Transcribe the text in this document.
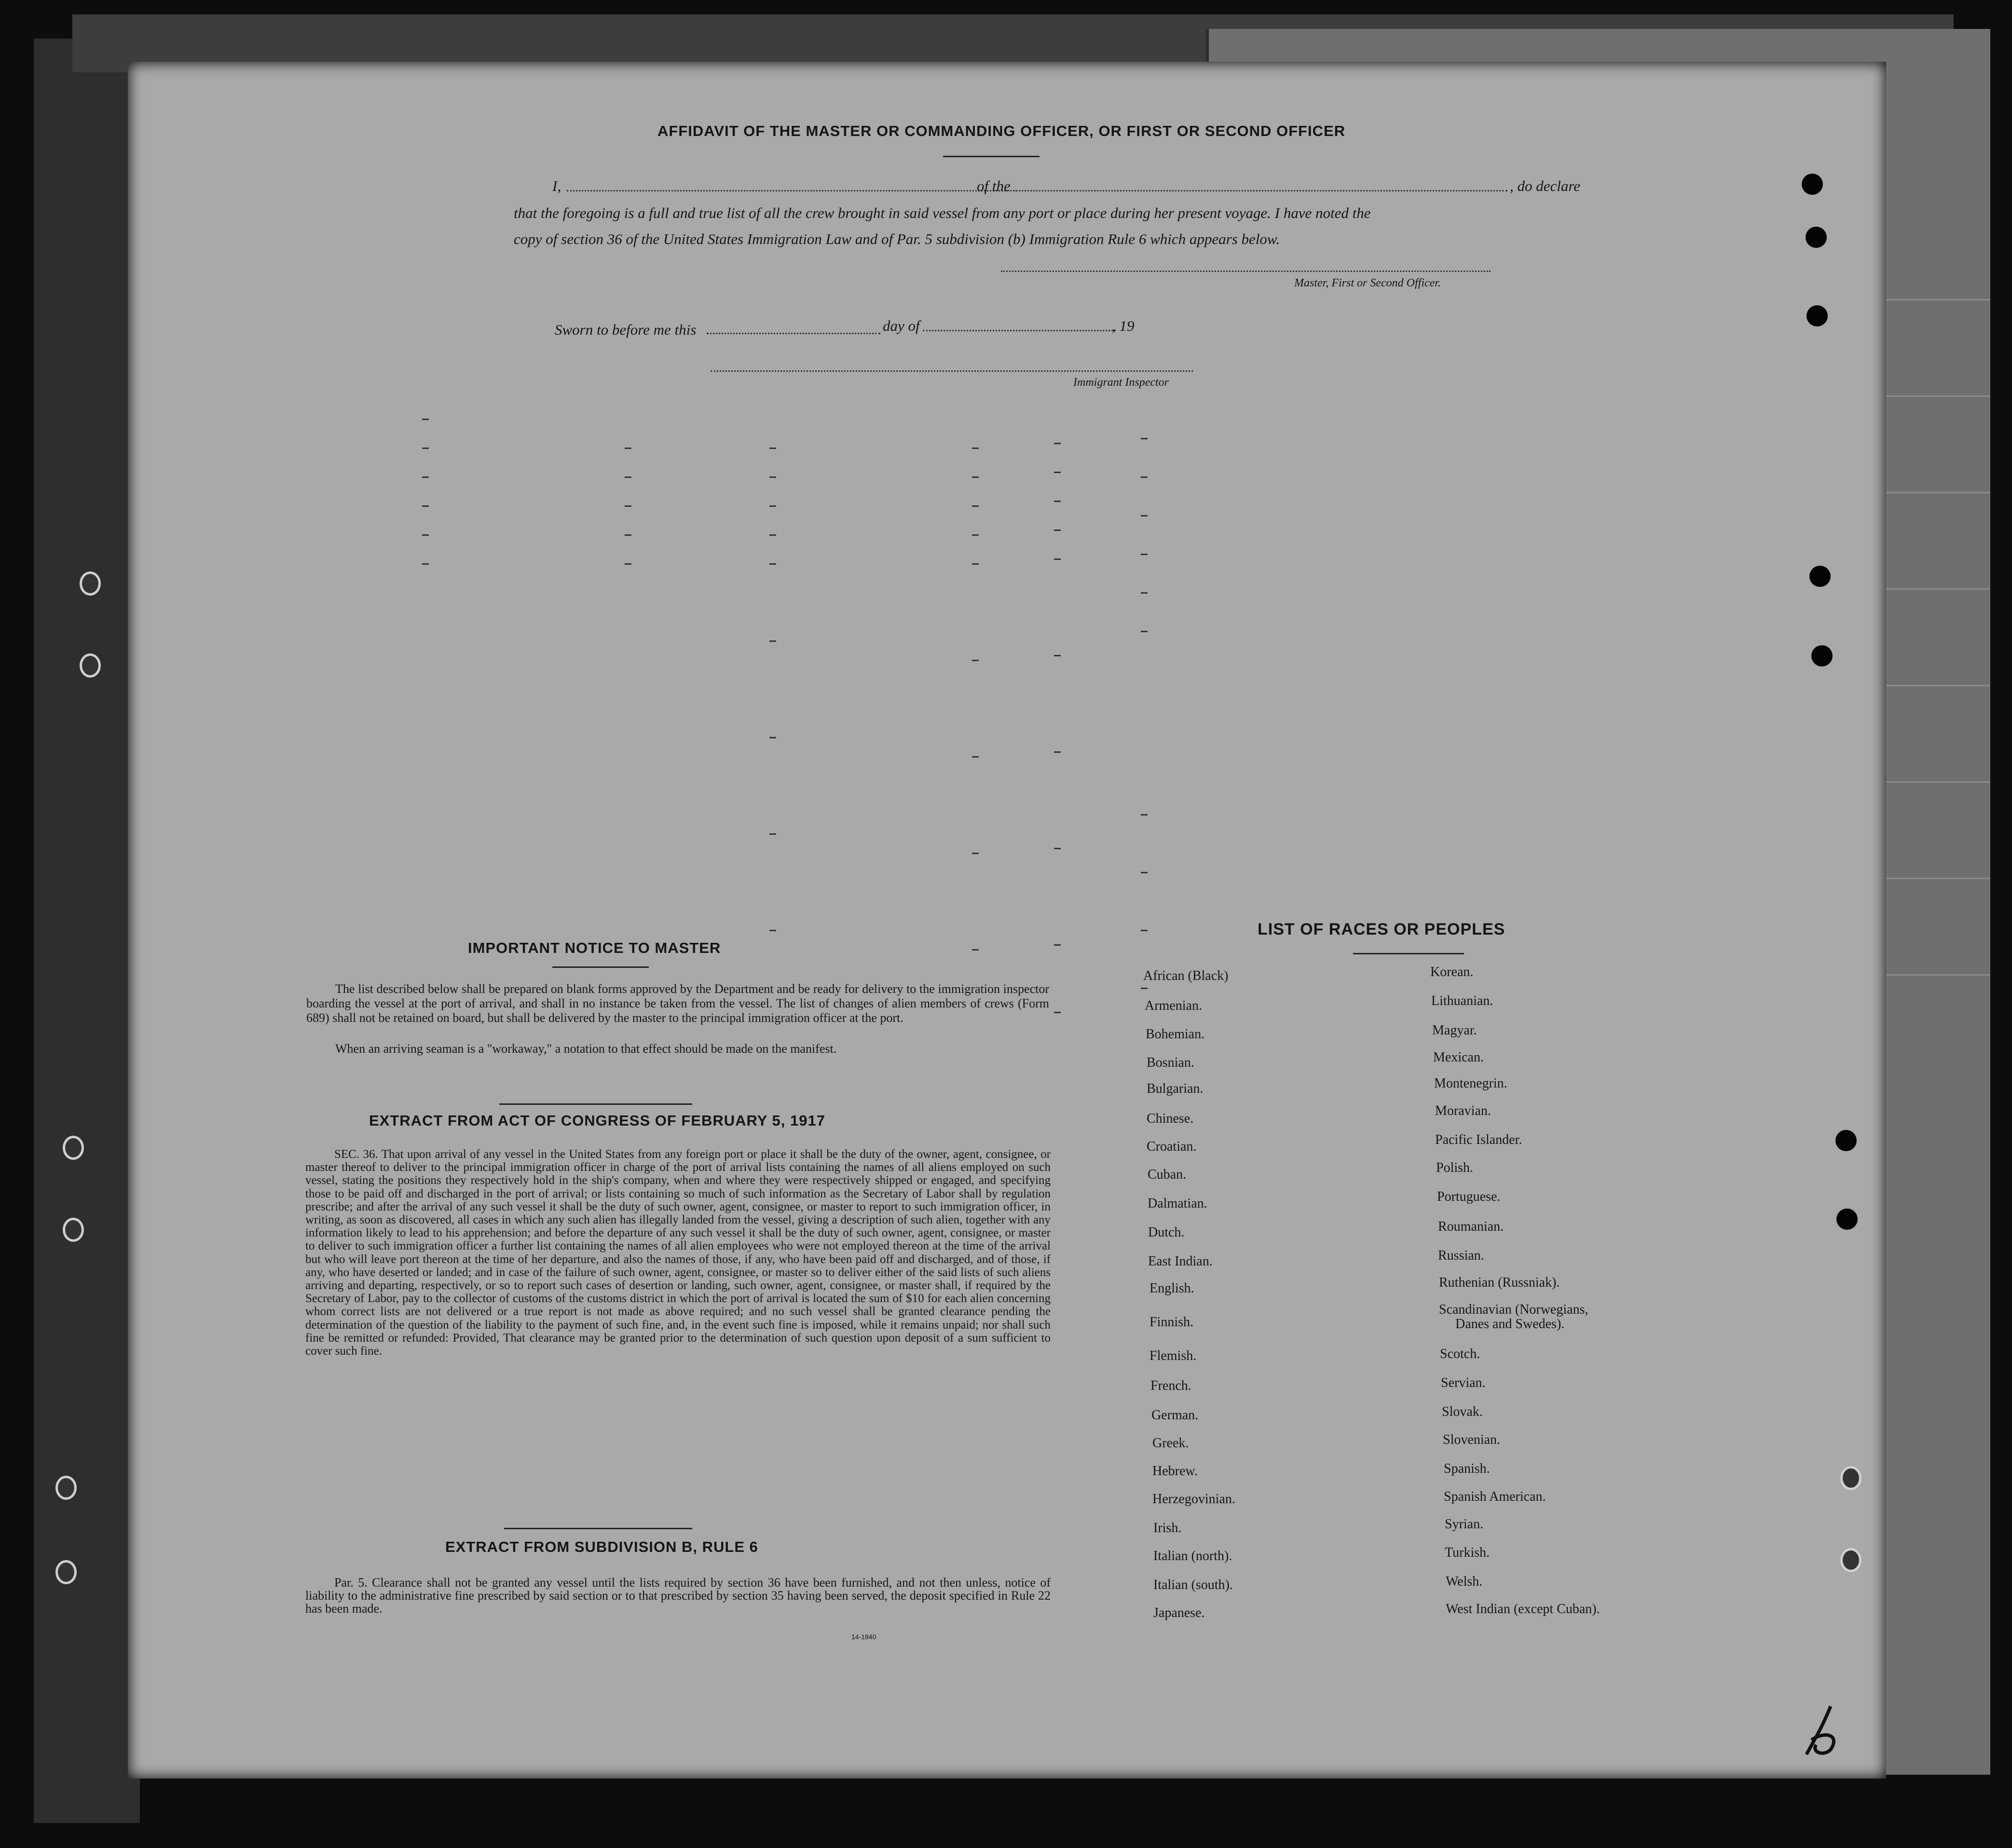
AFFIDAVIT OF THE MASTER OR COMMANDING OFFICER, OR FIRST OR SECOND OFFICER
I,	of the	, do declare
that the foregoing is a full and true list of all the crew brought in said vessel from any port or place during her present voyage. I have noted the
copy of section 36 of the United States Immigration Law and of Par. 5 subdivision (b) Immigration Rule 6 which appears below.
Master, First or Second Officer.
Sworn to before me this	day of	, 19
Immigrant Inspector
IMPORTANT NOTICE TO MASTER
The list described below shall be prepared on blank forms approved by the Department and be ready for delivery to the immigration inspector boarding the vessel at the port of arrival, and shall in no instance be taken from the vessel. The list of changes of alien members of crews (Form 689) shall not be retained on board, but shall be delivered by the master to the principal immigration officer at the port.
When an arriving seaman is a "workaway," a notation to that effect should be made on the manifest.
EXTRACT FROM ACT OF CONGRESS OF FEBRUARY 5, 1917
SEC. 36. That upon arrival of any vessel in the United States from any foreign port or place it shall be the duty of the owner, agent, consignee, or master thereof to deliver to the principal immigration officer in charge of the port of arrival lists containing the names of all aliens employed on such vessel, stating the positions they respectively hold in the ship's company, when and where they were respectively shipped or engaged, and specifying those to be paid off and discharged in the port of arrival; or lists containing so much of such information as the Secretary of Labor shall by regulation prescribe; and after the arrival of any such vessel it shall be the duty of such owner, agent, consignee, or master to report to such immigration officer, in writing, as soon as discovered, all cases in which any such alien has illegally landed from the vessel, giving a description of such alien, together with any information likely to lead to his apprehension; and before the departure of any such vessel it shall be the duty of such owner, agent, consignee, or master to deliver to such immigration officer a further list containing the names of all alien employees who were not employed thereon at the time of the arrival but who will leave port thereon at the time of her departure, and also the names of those, if any, who have been paid off and discharged, and of those, if any, who have deserted or landed; and in case of the failure of such owner, agent, consignee, or master so to deliver either of the said lists of such aliens arriving and departing, respectively, or so to report such cases of desertion or landing, such owner, agent, consignee, or master shall, if required by the Secretary of Labor, pay to the collector of customs of the customs district in which the port of arrival is located the sum of $10 for each alien concerning whom correct lists are not delivered or a true report is not made as above required; and no such vessel shall be granted clearance pending the determination of the question of the liability to the payment of such fine, and, in the event such fine is imposed, while it remains unpaid; nor shall such fine be remitted or refunded: Provided, That clearance may be granted prior to the determination of such question upon deposit of a sum sufficient to cover such fine.
EXTRACT FROM SUBDIVISION B, RULE 6
Par. 5. Clearance shall not be granted any vessel until the lists required by section 36 have been furnished, and not then unless, notice of liability to the administrative fine prescribed by said section or to that prescribed by section 35 having been served, the deposit specified in Rule 22 has been made.
14-1840
LIST OF RACES OR PEOPLES
African (Black)
Armenian.
Bohemian.
Bosnian.
Bulgarian.
Chinese.
Croatian.
Cuban.
Dalmatian.
Dutch.
East Indian.
English.
Finnish.
Flemish.
French.
German.
Greek.
Hebrew.
Herzegovinian.
Irish.
Italian (north).
Italian (south).
Japanese.
Korean.
Lithuanian.
Magyar.
Mexican.
Montenegrin.
Moravian.
Pacific Islander.
Polish.
Portuguese.
Roumanian.
Russian.
Ruthenian (Russniak).
Scandinavian (Norwegians,
Danes and Swedes).
Scotch.
Servian.
Slovak.
Slovenian.
Spanish.
Spanish American.
Syrian.
Turkish.
Welsh.
West Indian (except Cuban).
